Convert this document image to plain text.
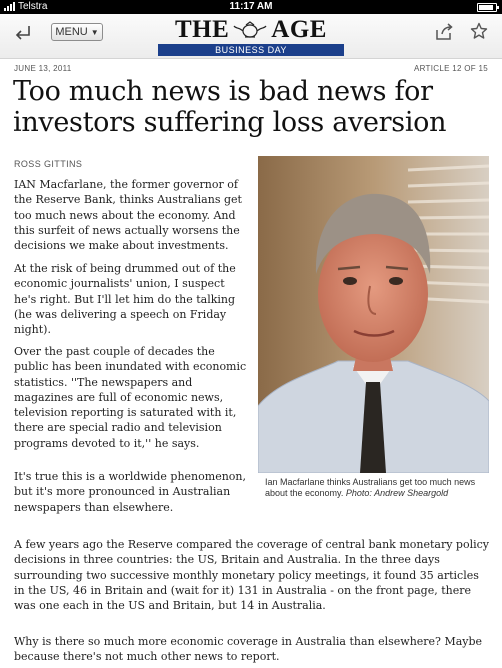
Telstra	11:17 AM
MENU ▼	THE AGE
BUSINESS DAY
JUNE 13, 2011	ARTICLE 12 OF 15
Too much news is bad news for investors suffering loss aversion
ROSS GITTINS

IAN Macfarlane, the former governor of the Reserve Bank, thinks Australians get too much news about the economy. And this surfeit of news actually worsens the decisions we make about investments.

At the risk of being drummed out of the economic journalists' union, I suspect he's right. But I'll let him do the talking (he was delivering a speech on Friday night).

Over the past couple of decades the public has been inundated with economic statistics. ''The newspapers and magazines are full of economic news, television reporting is saturated with it, there are special radio and television programs devoted to it,'' he says.

It's true this is a worldwide phenomenon, but it's more pronounced in Australian newspapers than elsewhere.

A few years ago the Reserve compared the coverage of central bank monetary policy decisions in three countries: the US, Britain and Australia. In the three days surrounding two successive monthly monetary policy meetings, it found 35 articles in the US, 46 in Britain and (wait for it) 131 in Australia - on the front page, there was one each in the US and Britain, but 14 in Australia.

Why is there so much more economic coverage in Australia than elsewhere? Maybe because there's not much other news to report.

Ian Macfarlane thinks Australians get too much news about the economy. Photo: Andrew Sheargold
